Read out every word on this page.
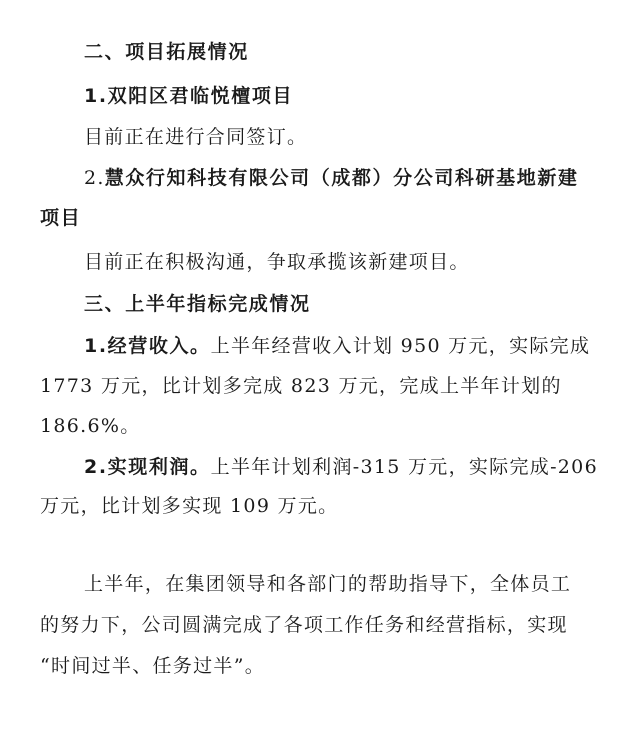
二、项目拓展情况
1.双阳区君临悦檀项目
目前正在进行合同签订。
2.慧众行知科技有限公司（成都）分公司科研基地新建
项目
目前正在积极沟通，争取承揽该新建项目。
三、上半年指标完成情况
1.经营收入。上半年经营收入计划 950 万元，实际完成
1773 万元，比计划多完成 823 万元，完成上半年计划的
186.6%。
2.实现利润。上半年计划利润-315 万元，实际完成-206
万元，比计划多实现 109 万元。
上半年，在集团领导和各部门的帮助指导下，全体员工
的努力下，公司圆满完成了各项工作任务和经营指标，实现
“时间过半、任务过半”。
